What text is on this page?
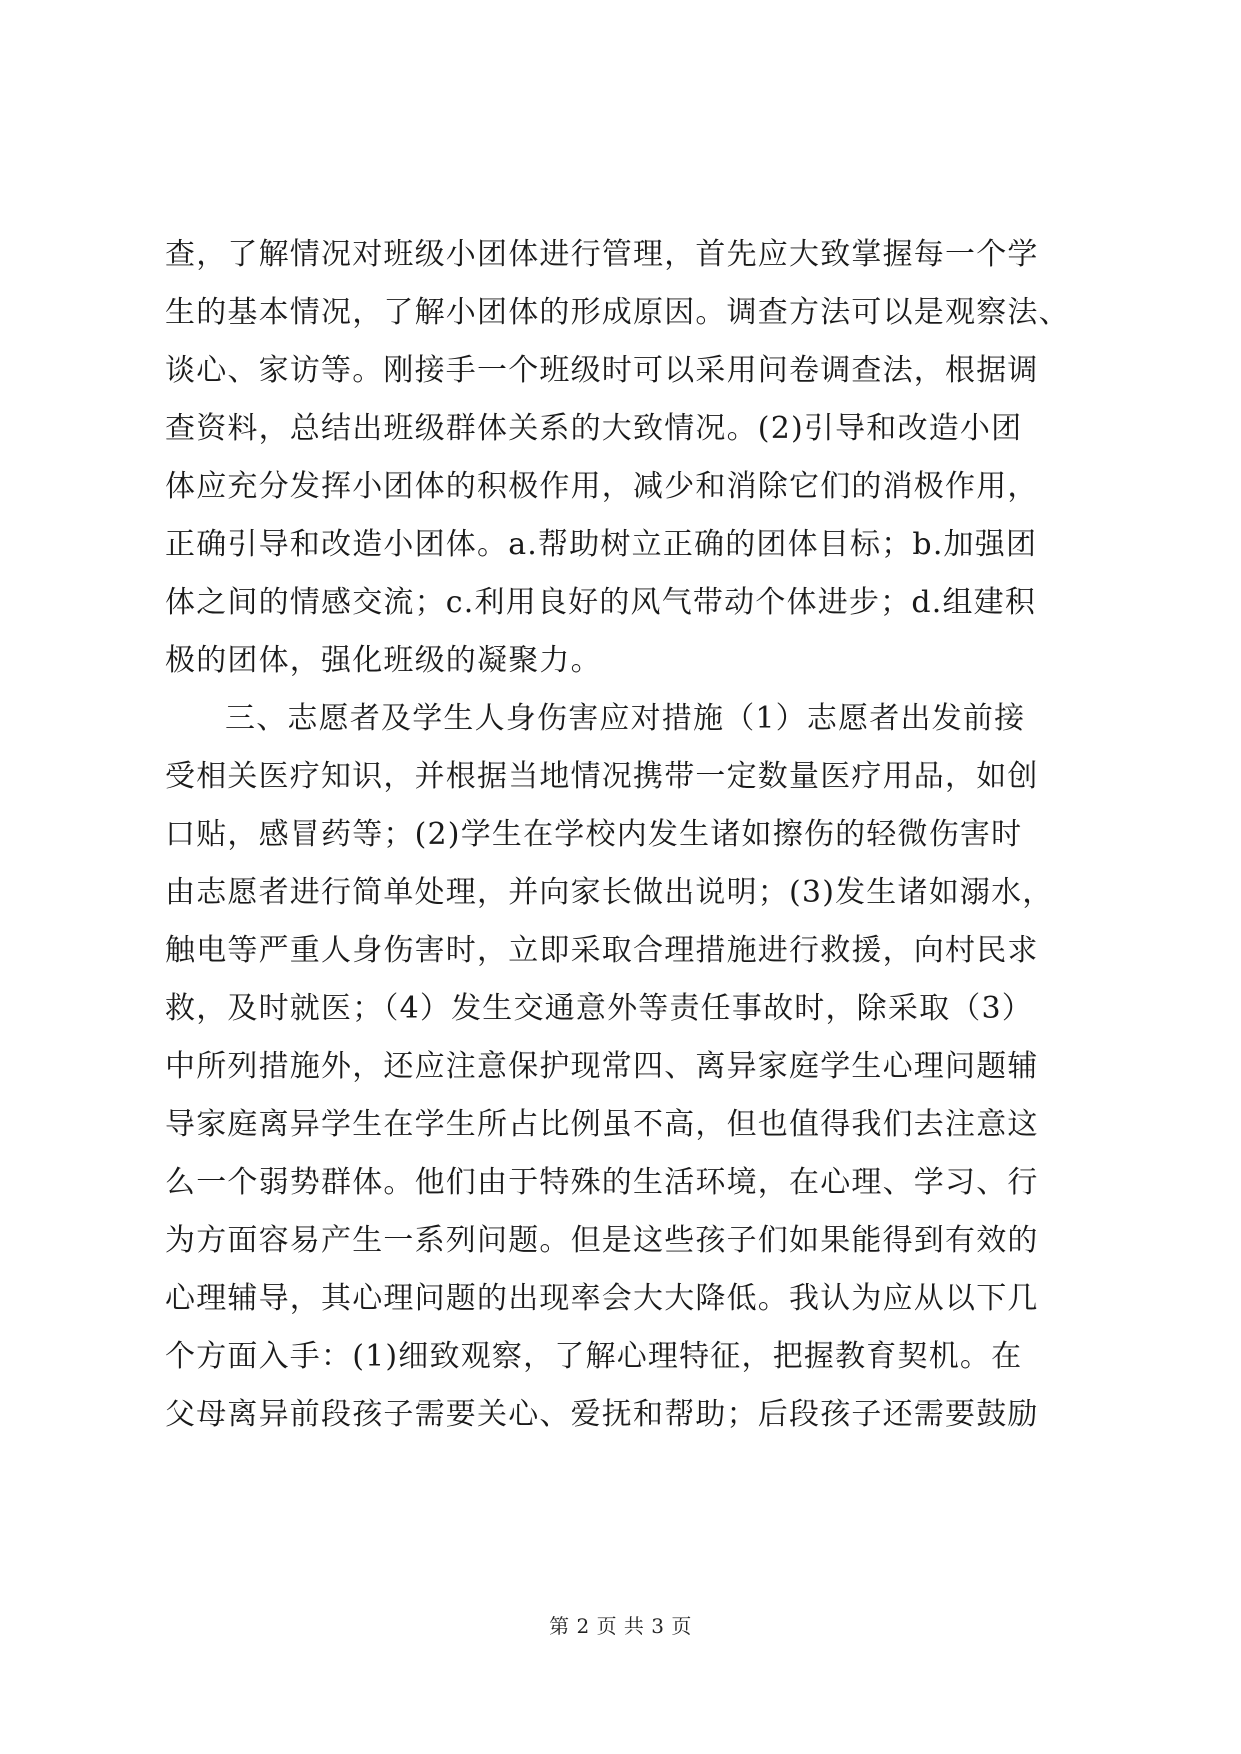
查，了解情况对班级小团体进行管理，首先应大致掌握每一个学
生的基本情况，了解小团体的形成原因。调查方法可以是观察法、
谈心、家访等。刚接手一个班级时可以采用问卷调查法，根据调
查资料，总结出班级群体关系的大致情况。(2)引导和改造小团
体应充分发挥小团体的积极作用，减少和消除它们的消极作用，
正确引导和改造小团体。a.帮助树立正确的团体目标；b.加强团
体之间的情感交流；c.利用良好的风气带动个体进步；d.组建积
极的团体，强化班级的凝聚力。
三、志愿者及学生人身伤害应对措施（1）志愿者出发前接
受相关医疗知识，并根据当地情况携带一定数量医疗用品，如创
口贴，感冒药等；(2)学生在学校内发生诸如擦伤的轻微伤害时
由志愿者进行简单处理，并向家长做出说明；(3)发生诸如溺水，
触电等严重人身伤害时，立即采取合理措施进行救援，向村民求
救，及时就医；（4）发生交通意外等责任事故时，除采取（3）
中所列措施外，还应注意保护现常四、离异家庭学生心理问题辅
导家庭离异学生在学生所占比例虽不高，但也值得我们去注意这
么一个弱势群体。他们由于特殊的生活环境，在心理、学习、行
为方面容易产生一系列问题。但是这些孩子们如果能得到有效的
心理辅导，其心理问题的出现率会大大降低。我认为应从以下几
个方面入手：(1)细致观察，了解心理特征，把握教育契机。在
父母离异前段孩子需要关心、爱抚和帮助；后段孩子还需要鼓励
第 2 页 共 3 页
